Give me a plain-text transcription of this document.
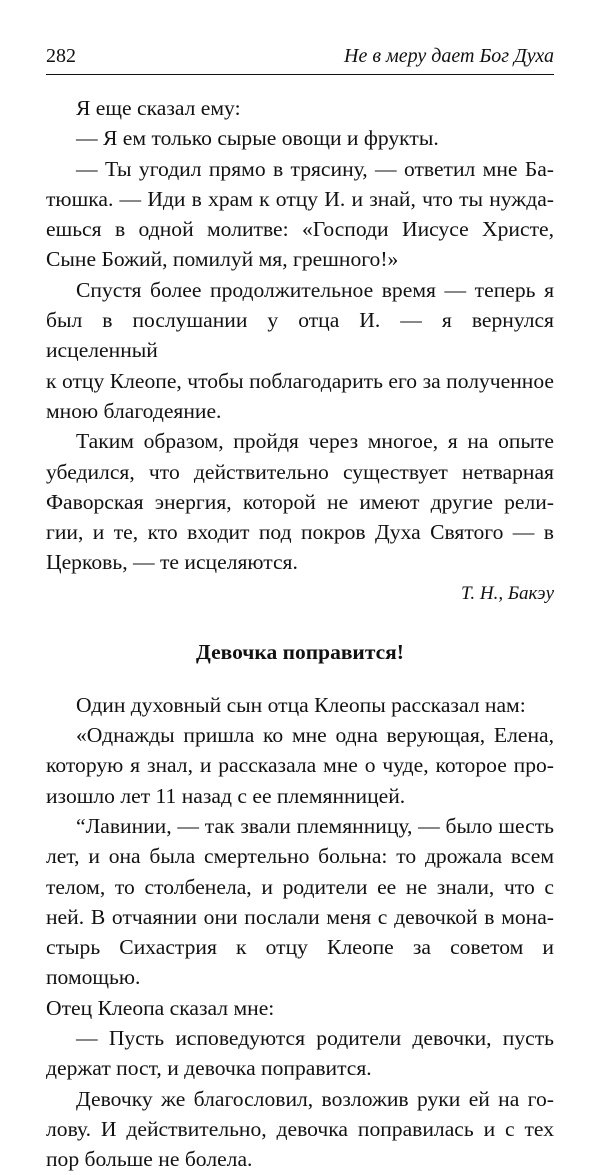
282	Не в меру дает Бог Духа

Я еще сказал ему:

— Я ем только сырые овощи и фрукты.

— Ты угодил прямо в трясину, — ответил мне Ба-
тюшка. — Иди в храм к отцу И. и знай, что ты нужда-
ешься в одной молитве: «Господи Иисусе Христе,
Сыне Божий, помилуй мя, грешного!»

Спустя более продолжительное время — теперь я
был в послушании у отца И. — я вернулся исцеленный
к отцу Клеопе, чтобы поблагодарить его за полученное
мною благодеяние.

Таким образом, пройдя через многое, я на опыте
убедился, что действительно существует нетварная
Фаворская энергия, которой не имеют другие рели-
гии, и те, кто входит под покров Духа Святого — в
Церковь, — те исцеляются.

Т. Н., Бакэу
Девочка поправится!

Один духовный сын отца Клеопы рассказал нам:

«Однажды пришла ко мне одна верующая, Елена,
которую я знал, и рассказала мне о чуде, которое про-
изошло лет 11 назад с ее племянницей.

“Лавинии, — так звали племянницу, — было шесть
лет, и она была смертельно больна: то дрожала всем
телом, то столбенела, и родители ее не знали, что с
ней. В отчаянии они послали меня с девочкой в мона-
стырь Сихастрия к отцу Клеопе за советом и помощью.
Отец Клеопа сказал мне:

— Пусть исповедуются родители девочки, пусть
держат пост, и девочка поправится.

Девочку же благословил, возложив руки ей на го-
лову. И действительно, девочка поправилась и с тех
пор больше не болела.
